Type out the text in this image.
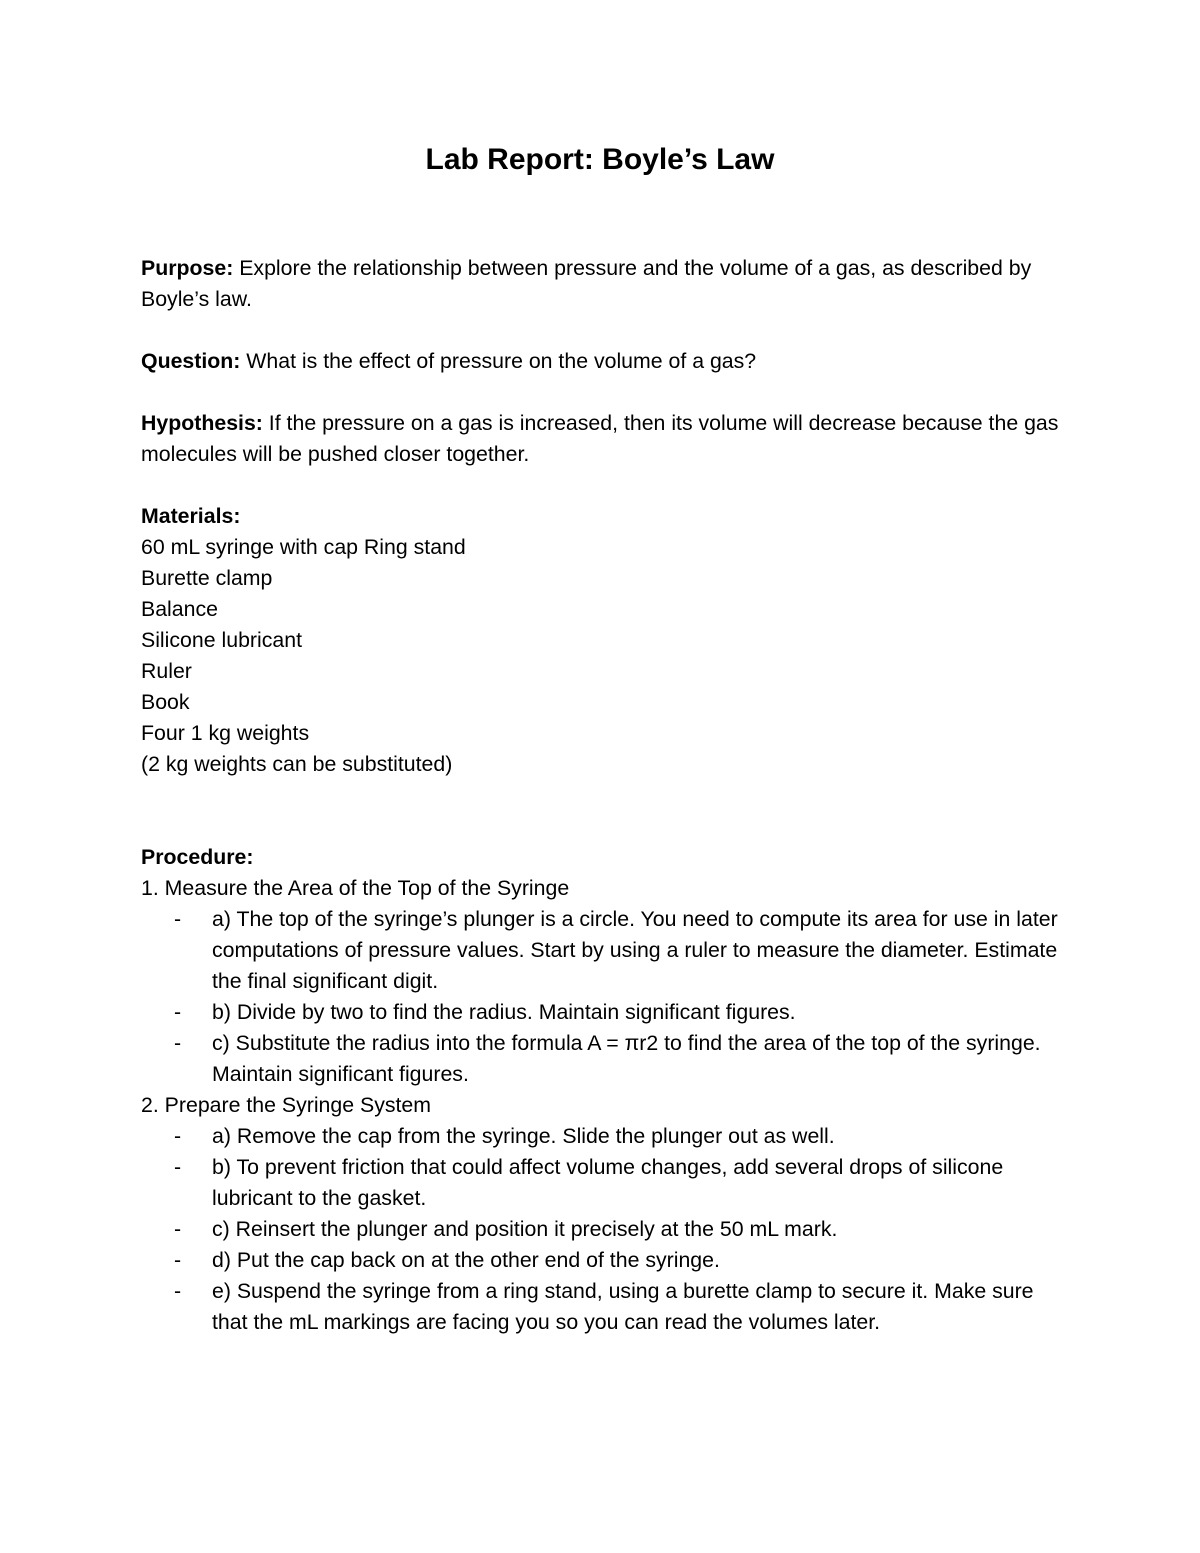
Lab Report: Boyle’s Law

Purpose: Explore the relationship between pressure and the volume of a gas, as described by Boyle’s law.

Question: What is the effect of pressure on the volume of a gas?

Hypothesis: If the pressure on a gas is increased, then its volume will decrease because the gas molecules will be pushed closer together.

Materials:
60 mL syringe with cap Ring stand
Burette clamp
Balance
Silicone lubricant
Ruler
Book
Four 1 kg weights
(2 kg weights can be substituted)
Procedure:
1. Measure the Area of the Top of the Syringe
- a) The top of the syringe’s plunger is a circle. You need to compute its area for use in later computations of pressure values. Start by using a ruler to measure the diameter. Estimate the final significant digit.
- b) Divide by two to find the radius. Maintain significant figures.
- c) Substitute the radius into the formula A = πr2 to find the area of the top of the syringe. Maintain significant figures.
2. Prepare the Syringe System
- a) Remove the cap from the syringe. Slide the plunger out as well.
- b) To prevent friction that could affect volume changes, add several drops of silicone lubricant to the gasket.
- c) Reinsert the plunger and position it precisely at the 50 mL mark.
- d) Put the cap back on at the other end of the syringe.
- e) Suspend the syringe from a ring stand, using a burette clamp to secure it. Make sure that the mL markings are facing you so you can read the volumes later.
